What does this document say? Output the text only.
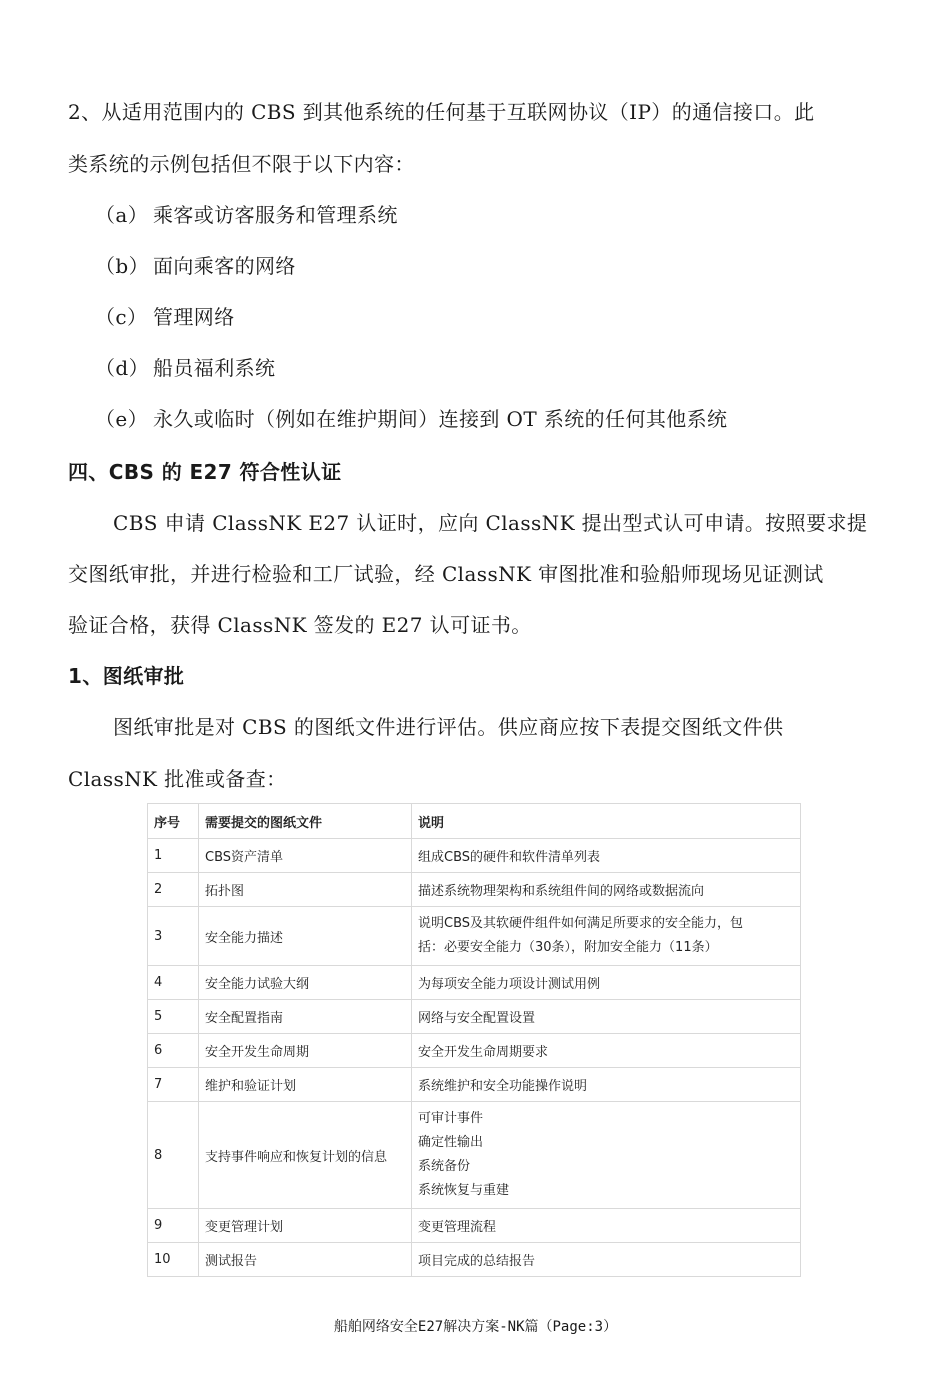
2、从适用范围内的 CBS 到其他系统的任何基于互联网协议（IP）的通信接口。此
类系统的示例包括但不限于以下内容：
（a） 乘客或访客服务和管理系统
（b） 面向乘客的网络
（c） 管理网络
（d） 船员福利系统
（e） 永久或临时（例如在维护期间）连接到 OT 系统的任何其他系统
四、CBS 的 E27 符合性认证
CBS 申请 ClassNK E27 认证时，应向 ClassNK 提出型式认可申请。按照要求提
交图纸审批，并进行检验和工厂试验，经 ClassNK 审图批准和验船师现场见证测试
验证合格，获得 ClassNK 签发的 E27 认可证书。
1、图纸审批
图纸审批是对 CBS 的图纸文件进行评估。供应商应按下表提交图纸文件供
ClassNK 批准或备查：
序号	需要提交的图纸文件	说明
1	CBS资产清单	组成CBS的硬件和软件清单列表
2	拓扑图	描述系统物理架构和系统组件间的网络或数据流向
3	安全能力描述	说明CBS及其软硬件组件如何满足所要求的安全能力，包
括：必要安全能力（30条），附加安全能力（11条）

4	安全能力试验大纲	为每项安全能力项设计测试用例
5	安全配置指南	网络与安全配置设置
6	安全开发生命周期	安全开发生命周期要求
7	维护和验证计划	系统维护和安全功能操作说明
8	支持事件响应和恢复计划的信息	可审计事件
确定性输出
系统备份
系统恢复与重建

9	变更管理计划	变更管理流程
10	测试报告	项目完成的总结报告
船舶网络安全E27解决方案-NK篇（Page:3）
